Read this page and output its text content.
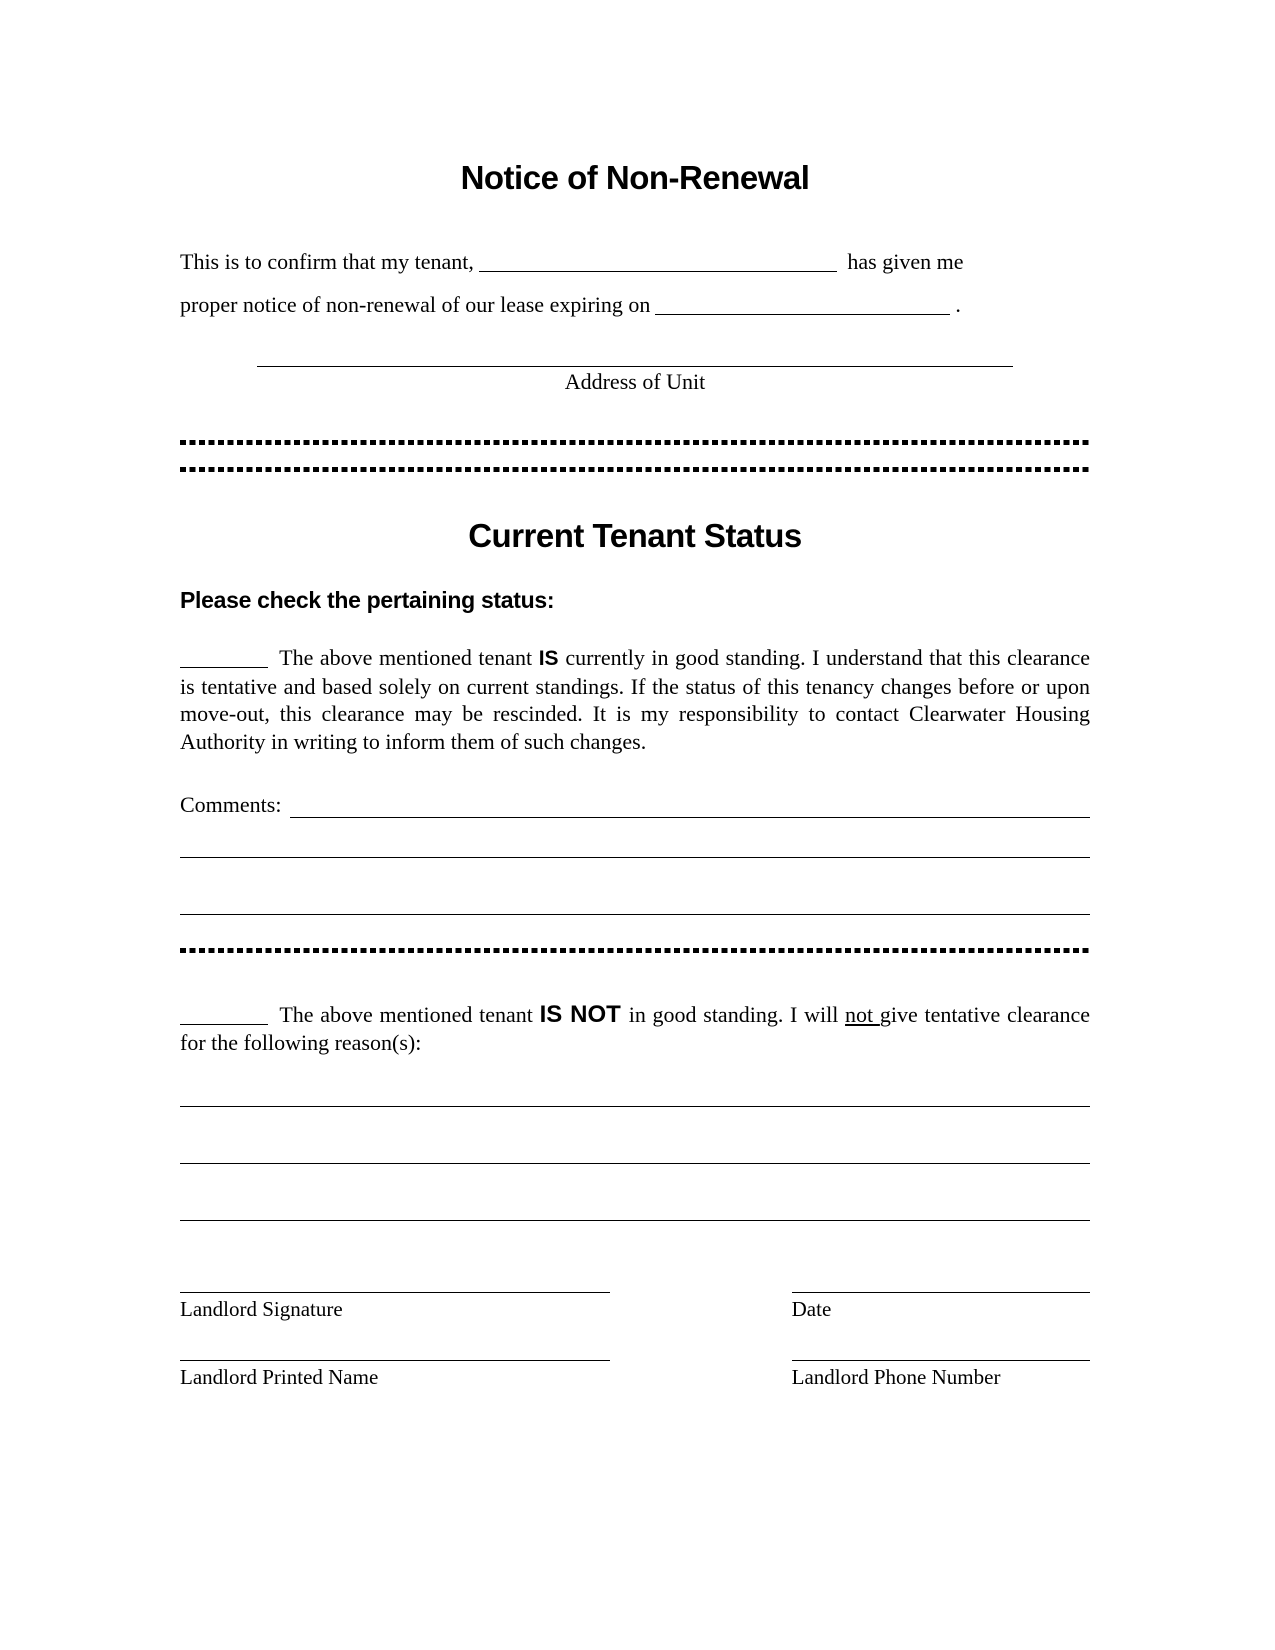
Notice of Non-Renewal
This is to confirm that my tenant,	has given me
proper notice of non-renewal of our lease expiring on	.
Address of Unit
Current Tenant Status
Please check the pertaining status:
The above mentioned tenant IS currently in good standing. I understand that this clearance is tentative and based solely on current standings. If the status of this tenancy changes before or upon move-out, this clearance may be rescinded. It is my responsibility to contact Clearwater Housing Authority in writing to inform them of such changes.
Comments:
The above mentioned tenant IS NOT in good standing. I will not give tentative clearance for the following reason(s):
Landlord Signature	Date
Landlord Printed Name	Landlord Phone Number
